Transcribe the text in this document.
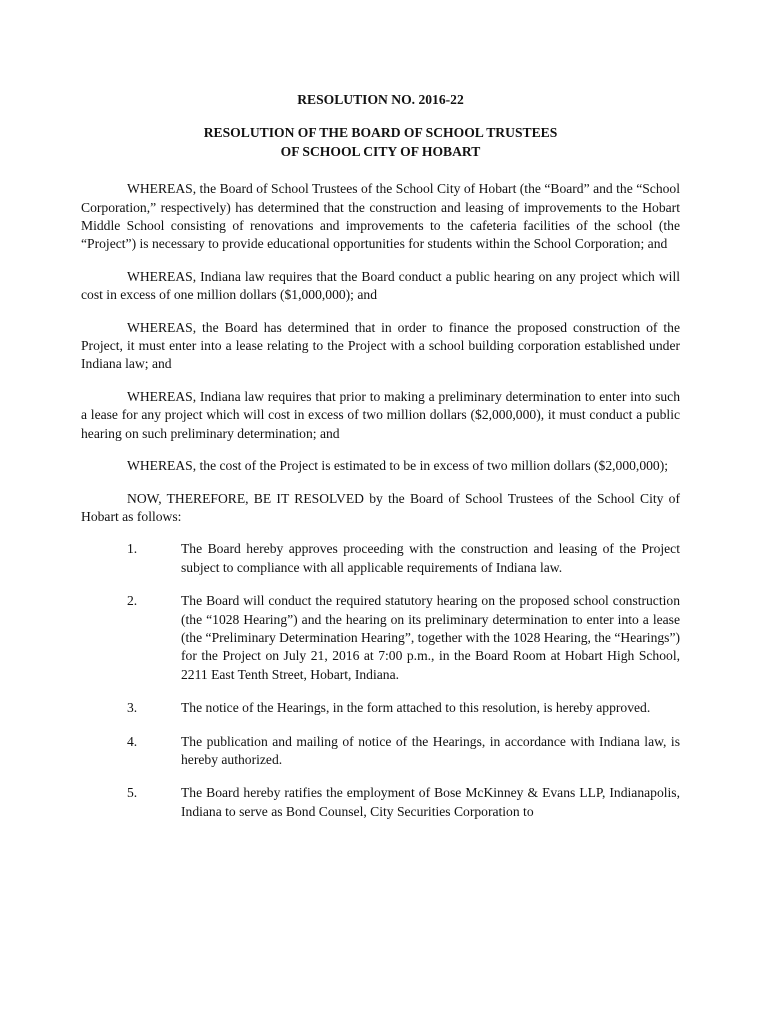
RESOLUTION NO. 2016-22
RESOLUTION OF THE BOARD OF SCHOOL TRUSTEES
OF SCHOOL CITY OF HOBART

WHEREAS, the Board of School Trustees of the School City of Hobart (the “Board” and the “School Corporation,” respectively) has determined that the construction and leasing of improvements to the Hobart Middle School consisting of renovations and improvements to the cafeteria facilities of the school (the “Project”) is necessary to provide educational opportunities for students within the School Corporation; and

WHEREAS, Indiana law requires that the Board conduct a public hearing on any project which will cost in excess of one million dollars ($1,000,000); and

WHEREAS, the Board has determined that in order to finance the proposed construction of the Project, it must enter into a lease relating to the Project with a school building corporation established under Indiana law; and

WHEREAS, Indiana law requires that prior to making a preliminary determination to enter into such a lease for any project which will cost in excess of two million dollars ($2,000,000), it must conduct a public hearing on such preliminary determination; and

WHEREAS, the cost of the Project is estimated to be in excess of two million dollars ($2,000,000);

NOW, THEREFORE, BE IT RESOLVED by the Board of School Trustees of the School City of Hobart as follows:

1.	The Board hereby approves proceeding with the construction and leasing of the Project subject to compliance with all applicable requirements of Indiana law.
2.	The Board will conduct the required statutory hearing on the proposed school construction (the “1028 Hearing”) and the hearing on its preliminary determination to enter into a lease (the “Preliminary Determination Hearing”, together with the 1028 Hearing, the “Hearings”) for the Project on July 21, 2016 at 7:00 p.m., in the Board Room at Hobart High School, 2211 East Tenth Street, Hobart, Indiana.
3.	The notice of the Hearings, in the form attached to this resolution, is hereby approved.
4.	The publication and mailing of notice of the Hearings, in accordance with Indiana law, is hereby authorized.
5.	The Board hereby ratifies the employment of Bose McKinney & Evans LLP, Indianapolis, Indiana to serve as Bond Counsel, City Securities Corporation to
